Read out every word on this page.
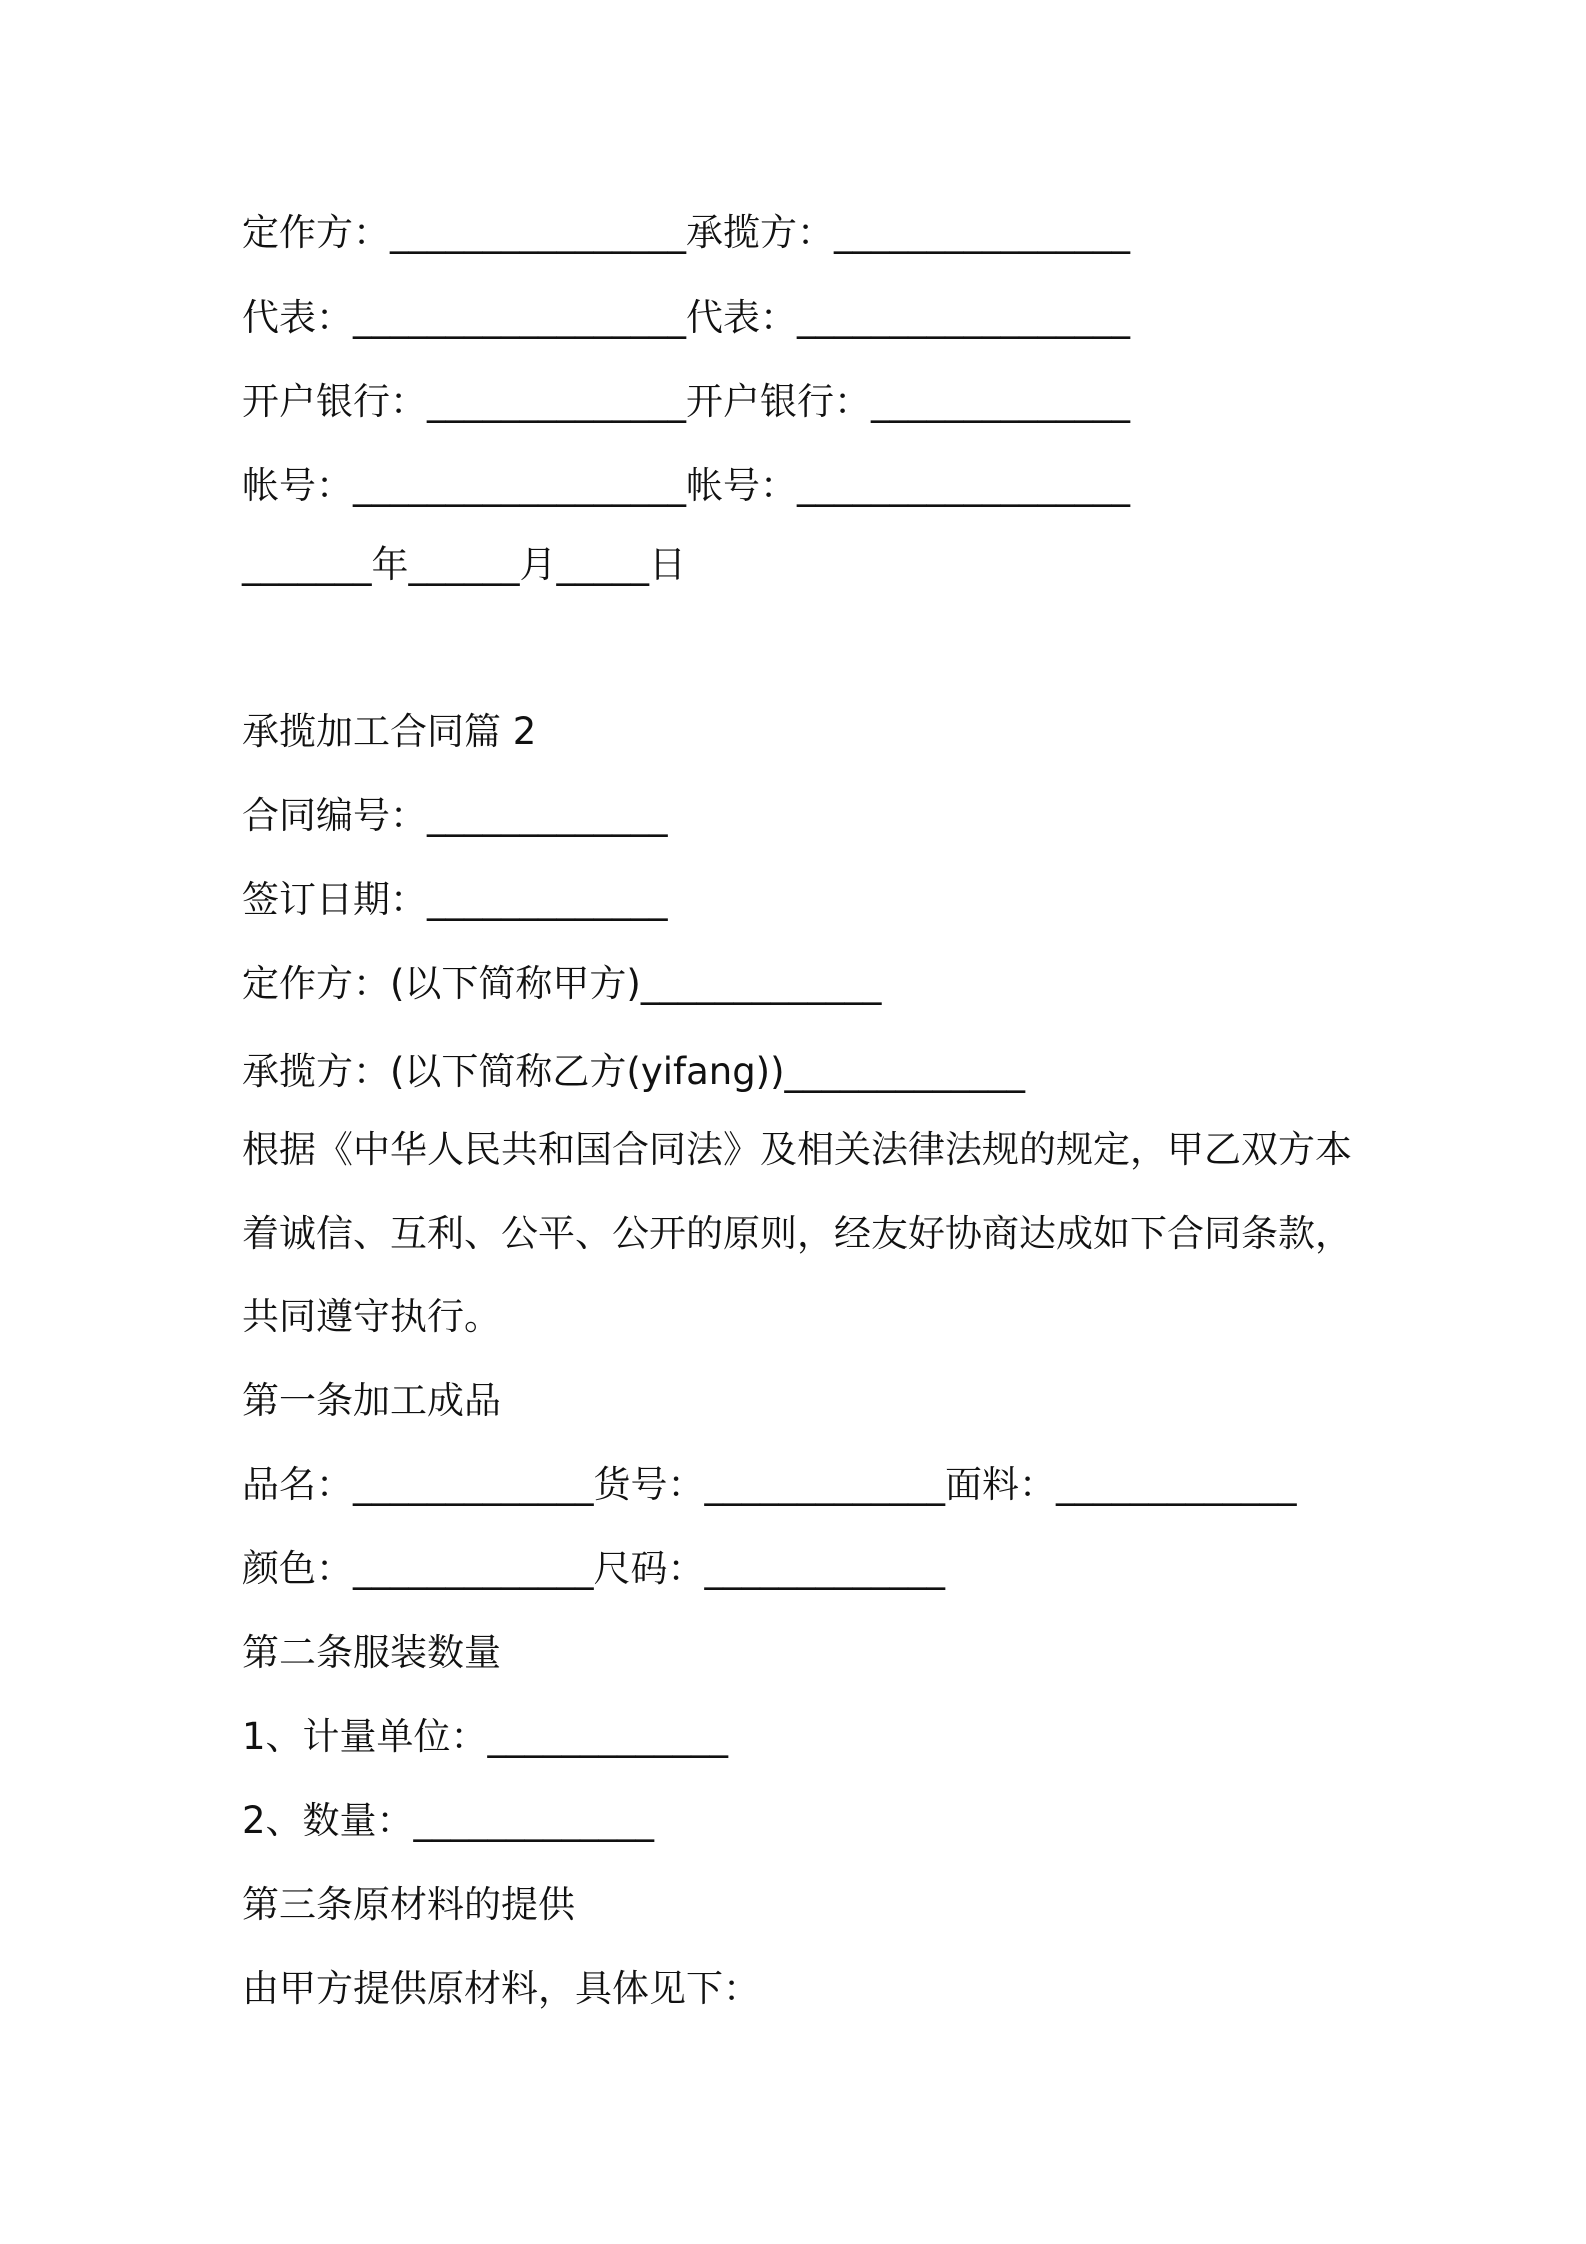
定作方：________________承揽方：________________
代表：__________________代表：__________________
开户银行：______________开户银行：______________
帐号：__________________帐号：__________________
_______年______月_____日
承揽加工合同篇 2
合同编号：_____________
签订日期：_____________
定作方：(以下简称甲方)_____________
承揽方：(以下简称乙方(yifang))_____________
根据《中华人民共和国合同法》及相关法律法规的规定，甲乙双方本
着诚信、互利、公平、公开的原则，经友好协商达成如下合同条款，
共同遵守执行。
第一条加工成品
品名：_____________货号：_____________面料：_____________
颜色：_____________尺码：_____________
第二条服装数量
1、计量单位：_____________
2、数量：_____________
第三条原材料的提供
由甲方提供原材料，具体见下：
